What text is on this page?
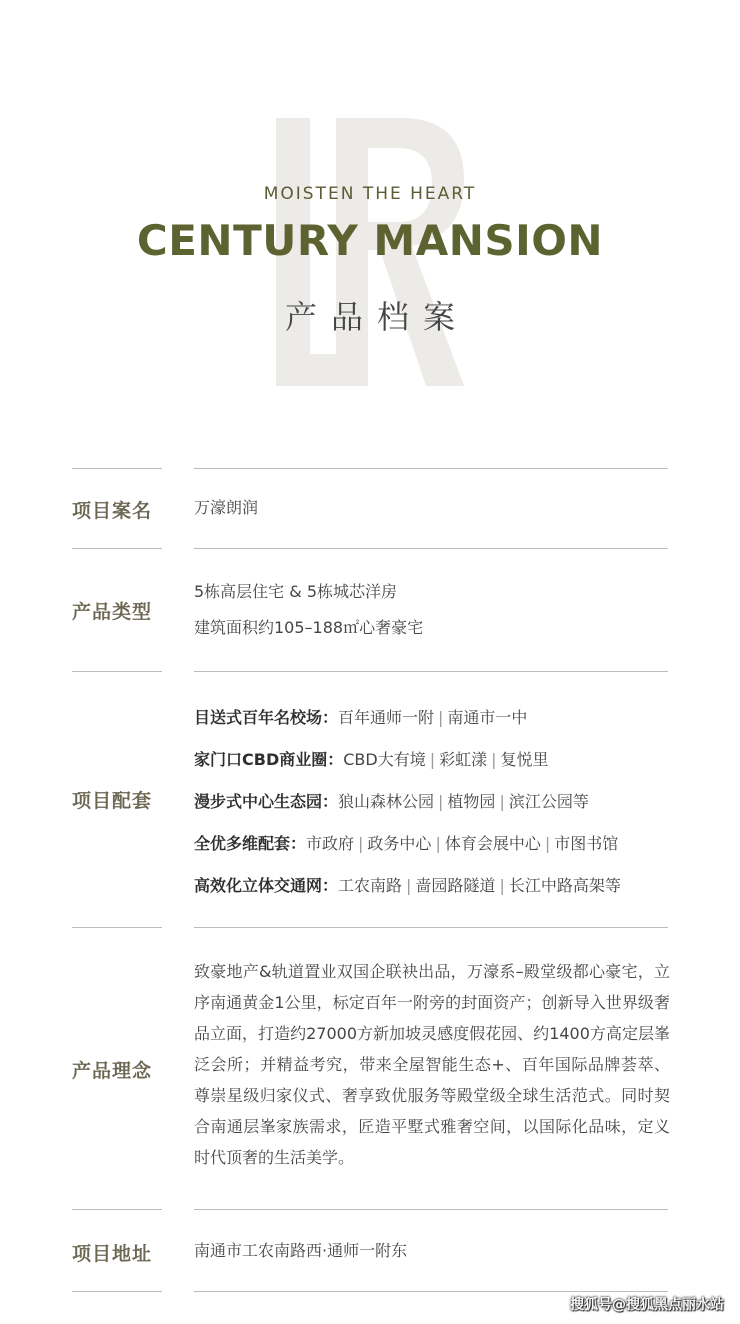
MOISTEN THE HEART
CENTURY MANSION
产品档案
项目案名	万濠朗润
产品类型
5栋高层住宅 & 5栋城芯洋房
建筑面积约105–188㎡心奢豪宅
项目配套
目送式百年名校场：百年通师一附 | 南通市一中
家门口CBD商业圈：CBD大有境 | 彩虹漾 | 复悦里
漫步式中心生态园：狼山森林公园 | 植物园 | 滨江公园等
全优多维配套：市政府 | 政务中心 | 体育会展中心 | 市图书馆
高效化立体交通网：工农南路 | 啬园路隧道 | 长江中路高架等
产品理念
致豪地产&轨道置业双国企联袂出品，万濠系–殿堂级都心豪宅，立序南通黄金1公里，标定百年一附旁的封面资产；创新导入世界级奢品立面，打造约27000方新加坡灵感度假花园、约1400方高定层峯泛会所；并精益考究，带来全屋智能生态+、百年国际品牌荟萃、尊崇星级归家仪式、奢享致优服务等殿堂级全球生活范式。同时契合南通层峯家族需求，匠造平墅式雅奢空间，以国际化品味，定义时代顶奢的生活美学。
项目地址	南通市工农南路西·通师一附东
搜狐号@搜狐黑点丽水站
